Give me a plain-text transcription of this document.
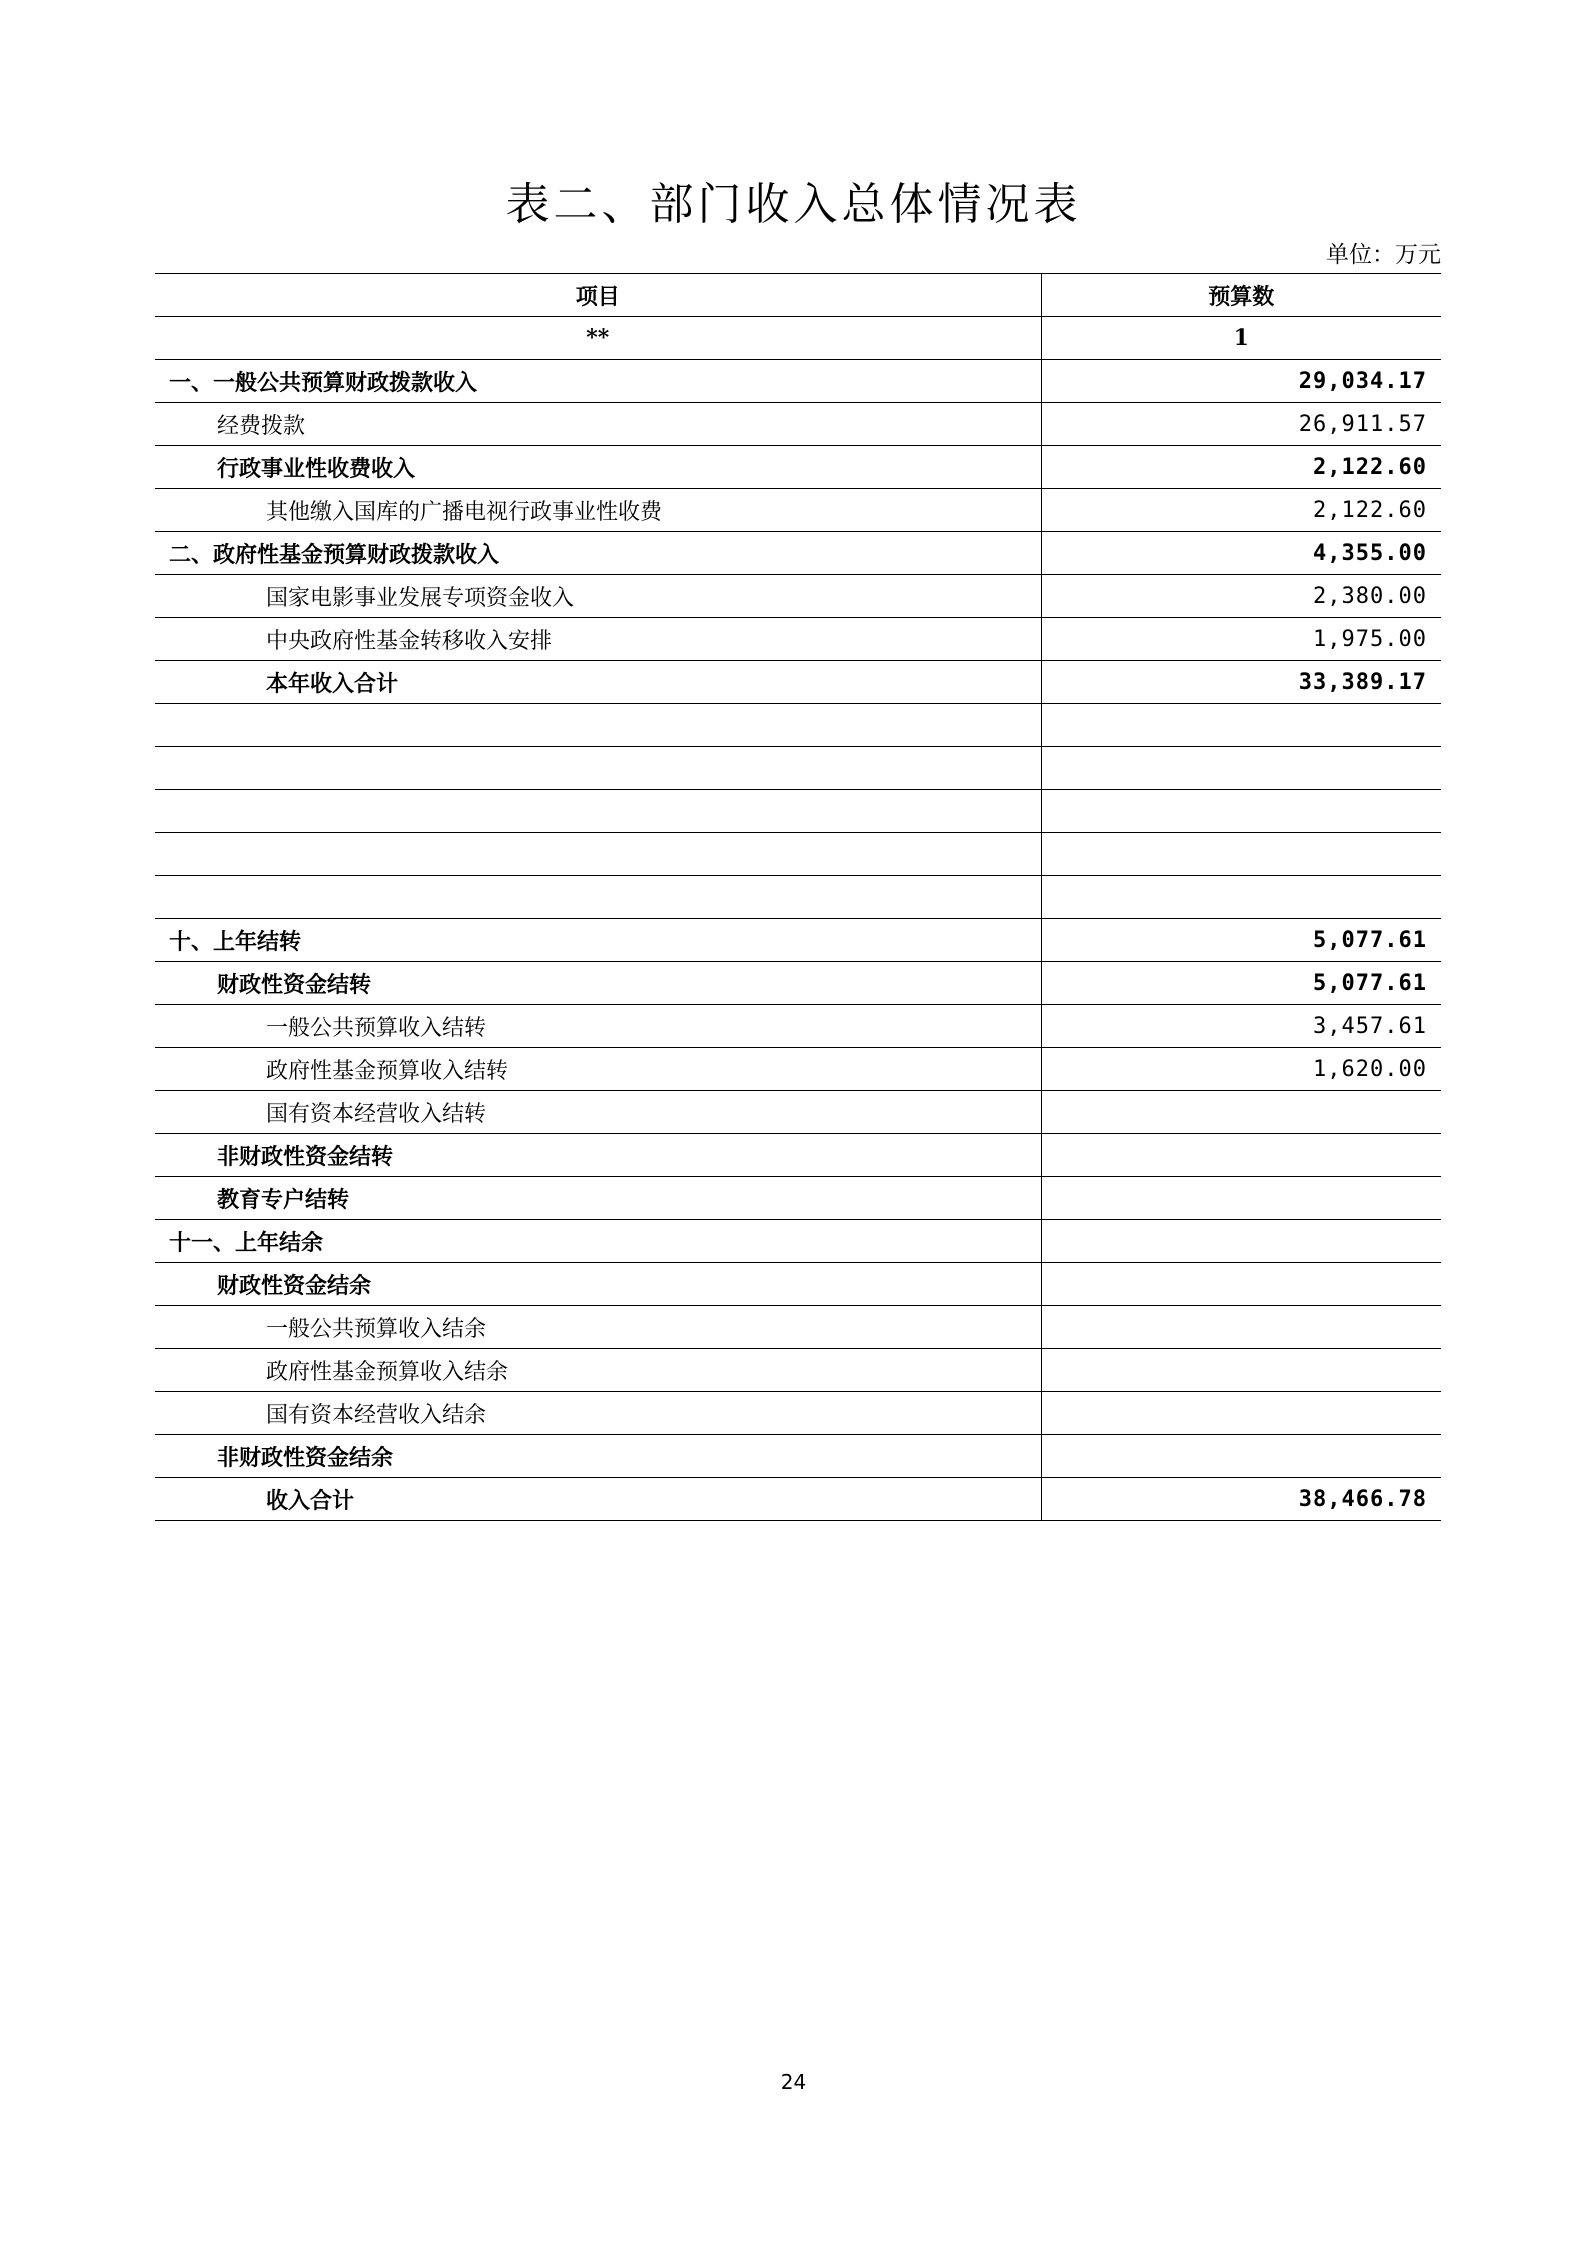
表二、部门收入总体情况表
单位：万元
项目	预算数
**	1
一、一般公共预算财政拨款收入	29,034.17
经费拨款	26,911.57
行政事业性收费收入	2,122.60
其他缴入国库的广播电视行政事业性收费	2,122.60
二、政府性基金预算财政拨款收入	4,355.00
国家电影事业发展专项资金收入	2,380.00
中央政府性基金转移收入安排	1,975.00
本年收入合计	33,389.17

十、上年结转	5,077.61
财政性资金结转	5,077.61
一般公共预算收入结转	3,457.61
政府性基金预算收入结转	1,620.00
国有资本经营收入结转	
非财政性资金结转	
教育专户结转	
十一、上年结余	
财政性资金结余	
一般公共预算收入结余	
政府性基金预算收入结余	
国有资本经营收入结余	
非财政性资金结余	
收入合计	38,466.78
24
